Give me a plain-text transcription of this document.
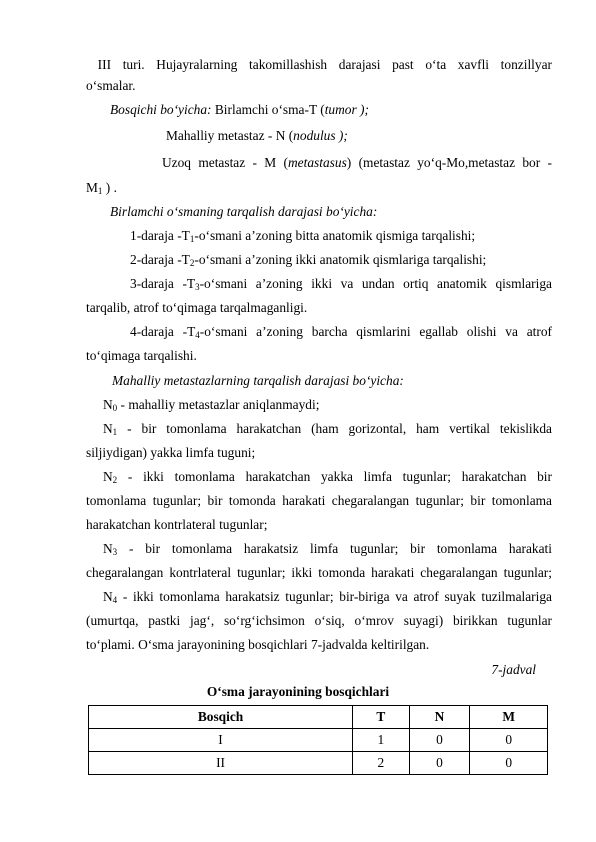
III turi. Hujayralarning takomillashish darajasi past o‘ta xavfli tonzillyar
o‘smalar.
Bosqichi bo‘yicha: Birlamchi o‘sma-T (tumor );
Mahalliy metastaz - N (nodulus );
Uzoq metastaz - M (metastasus) (metastaz yo‘q-Mo,metastaz bor -
$M_1$ ) .
Birlamchi o‘smaning tarqalish darajasi bo‘yicha:
1-daraja $-T_1-o‘smani$ a’zoning bitta anatomik qismiga tarqalishi;
2-daraja $-T_2-o‘smani$ a’zoning ikki anatomik qismlariga tarqalishi;
3-daraja $-T_3-o‘smani$ a’zoning ikki va undan ortiq anatomik qismlariga
tarqalib, atrof to‘qimaga tarqalmaganligi.
4-daraja $-T_4-o‘smani$ a’zoning barcha qismlarini egallab olishi va atrof
to‘qimaga tarqalishi.
Mahalliy metastazlarning tarqalish darajasi bo‘yicha:
$N_0$ - mahalliy metastazlar aniqlanmaydi;
$N_1$ - bir tomonlama harakatchan (ham gorizontal, ham vertikal tekislikda
siljiydigan) yakka limfa tuguni;
$N_2$ - ikki tomonlama harakatchan yakka limfa tugunlar; harakatchan bir
tomonlama tugunlar; bir tomonda harakati chegaralangan tugunlar; bir tomonlama
harakatchan kontrlateral tugunlar;
$N_3$ - bir tomonlama harakatsiz limfa tugunlar; bir tomonlama harakati
chegaralangan kontrlateral tugunlar; ikki tomonda harakati chegaralangan tugunlar;
$N_4$ - ikki tomonlama harakatsiz tugunlar; bir-biriga va atrof suyak tuzilmalariga
(umurtqa, pastki jag‘, so‘rg‘ichsimon o‘siq, o‘mrov suyagi) birikkan tugunlar
to‘plami. O‘sma jarayonining bosqichlari 7-jadvalda keltirilgan.
7-jadval
O‘sma jarayonining bosqichlari
Bosqich	T	N	M
I	1	0	0
II	2	0	0
